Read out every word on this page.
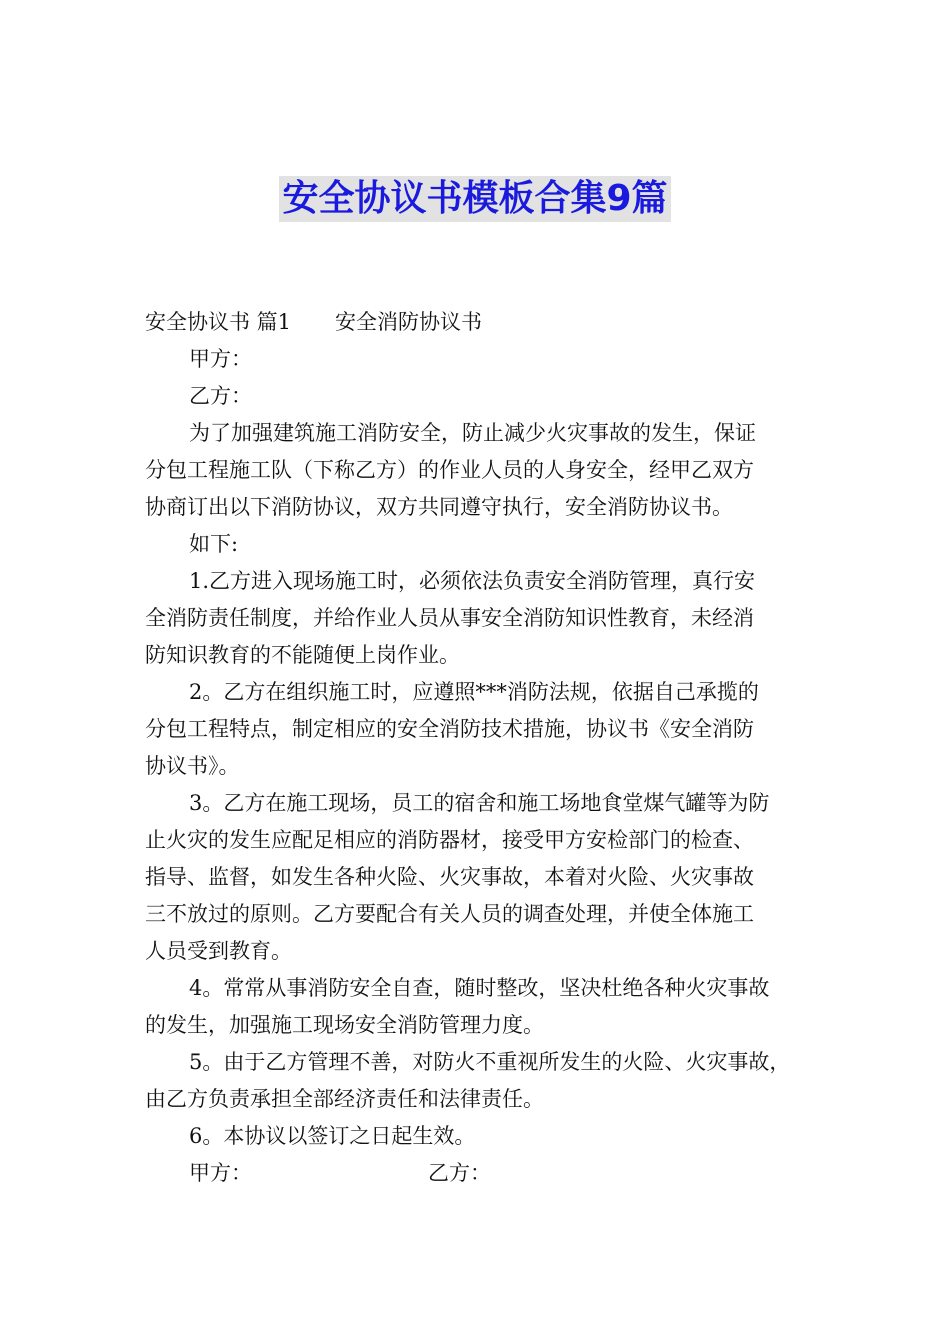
安全协议书模板合集9篇
安全协议书 篇1 安全消防协议书
甲方：
乙方：
为了加强建筑施工消防安全，防止减少火灾事故的发生，保证
分包工程施工队（下称乙方）的作业人员的人身安全，经甲乙双方
协商订出以下消防协议，双方共同遵守执行，安全消防协议书。
如下:
1.乙方进入现场施工时，必须依法负责安全消防管理，真行安
全消防责任制度，并给作业人员从事安全消防知识性教育，未经消
防知识教育的不能随便上岗作业。
2。乙方在组织施工时，应遵照***消防法规，依据自己承揽的
分包工程特点，制定相应的安全消防技术措施，协议书《安全消防
协议书》。
3。乙方在施工现场，员工的宿舍和施工场地食堂煤气罐等为防
止火灾的发生应配足相应的消防器材，接受甲方安检部门的检查、
指导、监督，如发生各种火险、火灾事故，本着对火险、火灾事故
三不放过的原则。乙方要配合有关人员的调查处理，并使全体施工
人员受到教育。
4。常常从事消防安全自查，随时整改，坚决杜绝各种火灾事故
的发生，加强施工现场安全消防管理力度。
5。由于乙方管理不善，对防火不重视所发生的火险、火灾事故，
由乙方负责承担全部经济责任和法律责任。
6。本协议以签订之日起生效。
甲方：	乙方：
